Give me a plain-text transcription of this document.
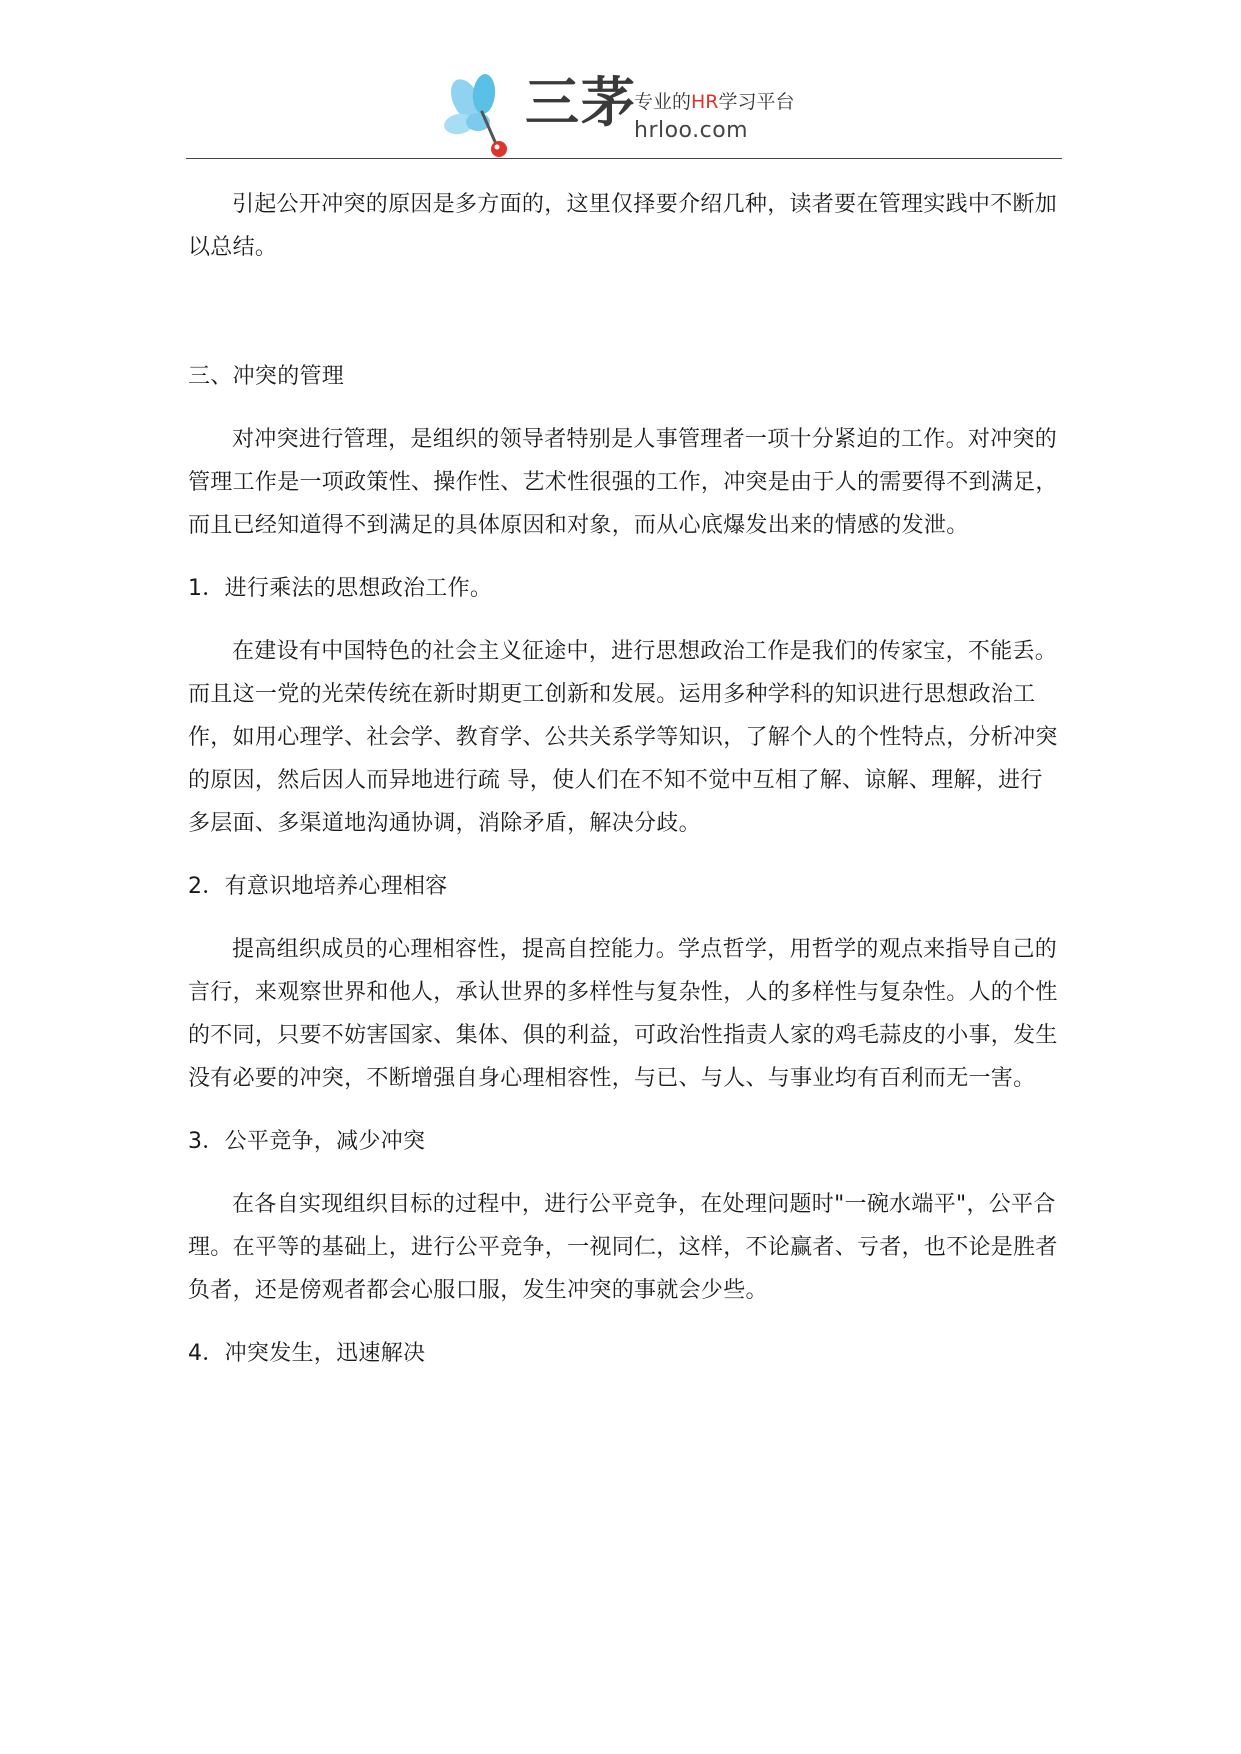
三茅
专业的HR学习平台
hrloo.com

引起公开冲突的原因是多方面的，这里仅择要介绍几种，读者要在管理实践中不断加以总结。

三、冲突的管理

对冲突进行管理，是组织的领导者特别是人事管理者一项十分紧迫的工作。对冲突的管理工作是一项政策性、操作性、艺术性很强的工作，冲突是由于人的需要得不到满足，而且已经知道得不到满足的具体原因和对象，而从心底爆发出来的情感的发泄。

1．进行乘法的思想政治工作。

在建设有中国特色的社会主义征途中，进行思想政治工作是我们的传家宝，不能丢。而且这一党的光荣传统在新时期更工创新和发展。运用多种学科的知识进行思想政治工作，如用心理学、社会学、教育学、公共关系学等知识，了解个人的个性特点，分析冲突的原因，然后因人而异地进行疏 导，使人们在不知不觉中互相了解、谅解、理解，进行多层面、多渠道地沟通协调，消除矛盾，解决分歧。

2．有意识地培养心理相容

提高组织成员的心理相容性，提高自控能力。学点哲学，用哲学的观点来指导自己的言行，来观察世界和他人，承认世界的多样性与复杂性，人的多样性与复杂性。人的个性的不同，只要不妨害国家、集体、俱的利益，可政治性指责人家的鸡毛蒜皮的小事，发生没有必要的冲突，不断增强自身心理相容性，与已、与人、与事业均有百利而无一害。

3．公平竞争，减少冲突

在各自实现组织目标的过程中，进行公平竞争，在处理问题时"一碗水端平"，公平合理。在平等的基础上，进行公平竞争，一视同仁，这样，不论赢者、亏者，也不论是胜者负者，还是傍观者都会心服口服，发生冲突的事就会少些。

4．冲突发生，迅速解决
